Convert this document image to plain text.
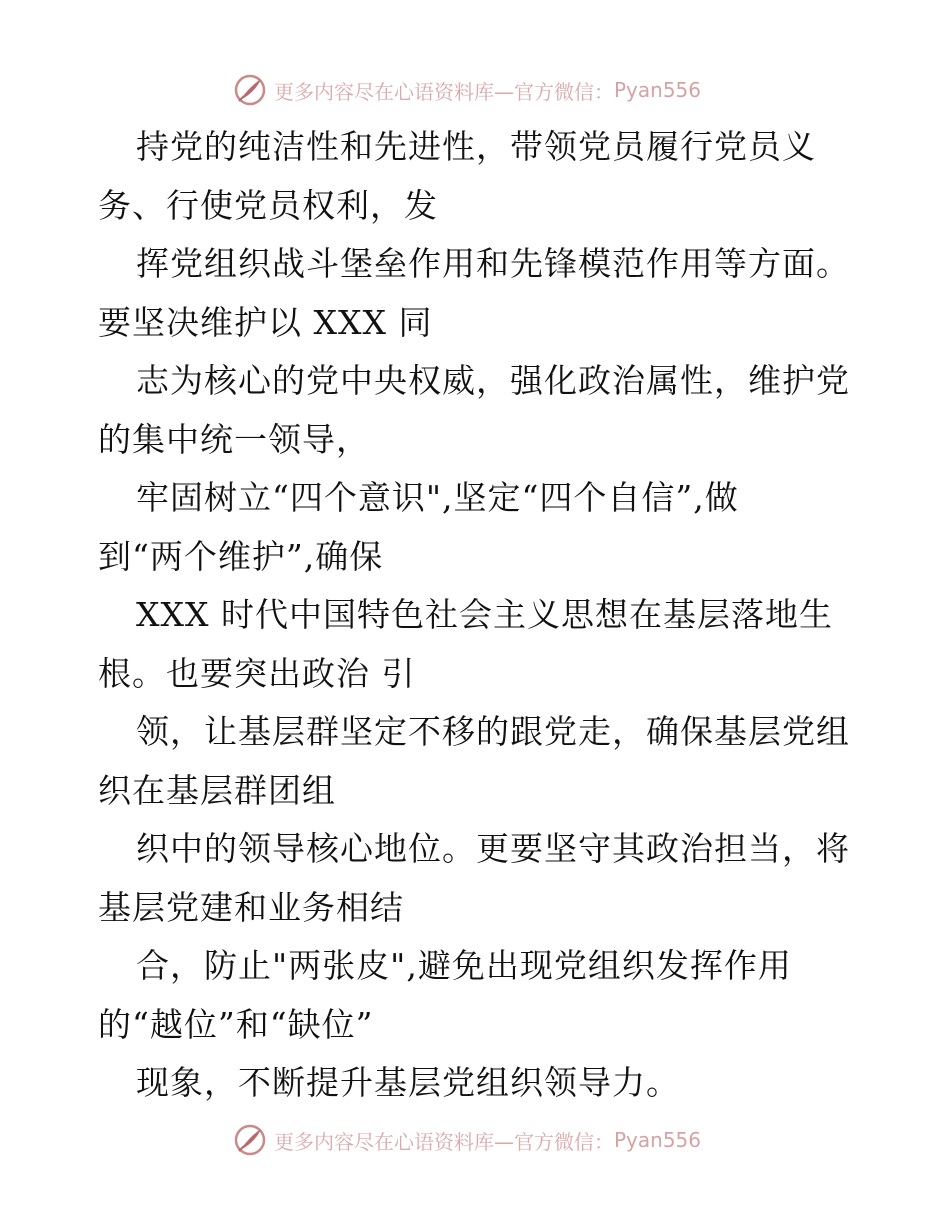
更多内容尽在心语资料库—官方微信： Pyan556
持党的纯洁性和先进性，带领党员履行党员义
务、行使党员权利，发
挥党组织战斗堡垒作用和先锋模范作用等方面。
要坚决维护以 XXX 同
志为核心的党中央权威，强化政治属性，维护党
的集中统一领导，
牢固树立“四个意识",坚定“四个自信”,做
到“两个维护”,确保
XXX 时代中国特色社会主义思想在基层落地生
根。也要突出政治 引
领，让基层群坚定不移的跟党走，确保基层党组
织在基层群团组
织中的领导核心地位。更要坚守其政治担当，将
基层党建和业务相结
合，防止"两张皮",避免出现党组织发挥作用
的“越位”和“缺位”
现象，不断提升基层党组织领导力。
更多内容尽在心语资料库—官方微信： Pyan556
